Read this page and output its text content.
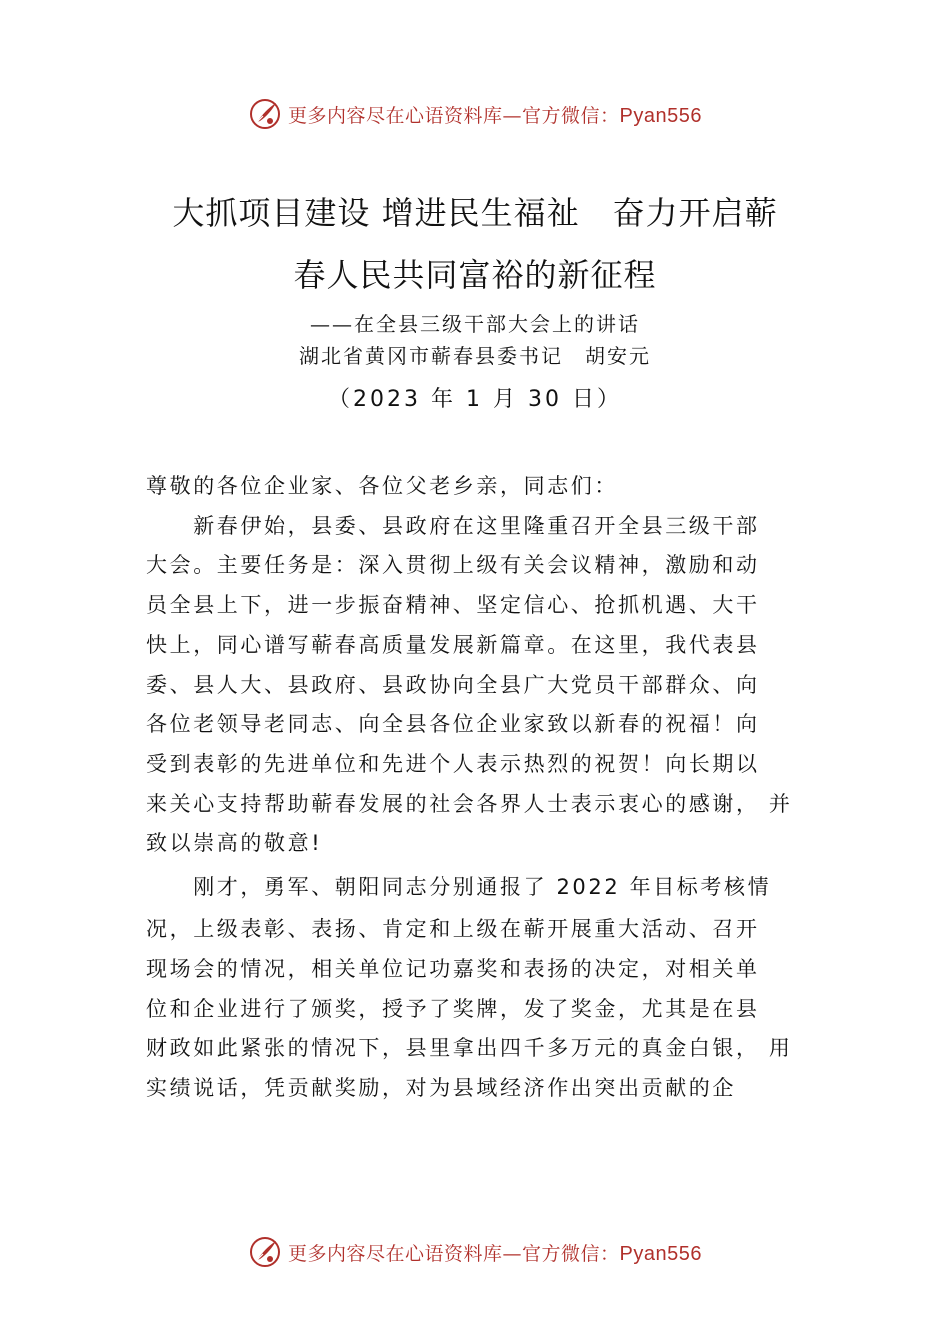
更多内容尽在心语资料库—官方微信：Pyan556
大抓项目建设 增进民生福祉　奋力开启蕲
春人民共同富裕的新征程
——在全县三级干部大会上的讲话
湖北省黄冈市蕲春县委书记　胡安元
（2023 年 1 月 30 日）
尊敬的各位企业家、各位父老乡亲，同志们：
　　新春伊始，县委、县政府在这里隆重召开全县三级干部
大会。主要任务是：深入贯彻上级有关会议精神，激励和动
员全县上下，进一步振奋精神、坚定信心、抢抓机遇、大干
快上，同心谱写蕲春高质量发展新篇章。在这里，我代表县
委、县人大、县政府、县政协向全县广大党员干部群众、向
各位老领导老同志、向全县各位企业家致以新春的祝福！向
受到表彰的先进单位和先进个人表示热烈的祝贺！向长期以
来关心支持帮助蕲春发展的社会各界人士表示衷心的感谢， 并
致以崇高的敬意!
　　刚才，勇军、朝阳同志分别通报了 2022 年目标考核情
况，上级表彰、表扬、肯定和上级在蕲开展重大活动、召开
现场会的情况，相关单位记功嘉奖和表扬的决定，对相关单
位和企业进行了颁奖，授予了奖牌，发了奖金，尤其是在县
财政如此紧张的情况下，县里拿出四千多万元的真金白银， 用
实绩说话，凭贡献奖励，对为县域经济作出突出贡献的企
更多内容尽在心语资料库—官方微信：Pyan556
